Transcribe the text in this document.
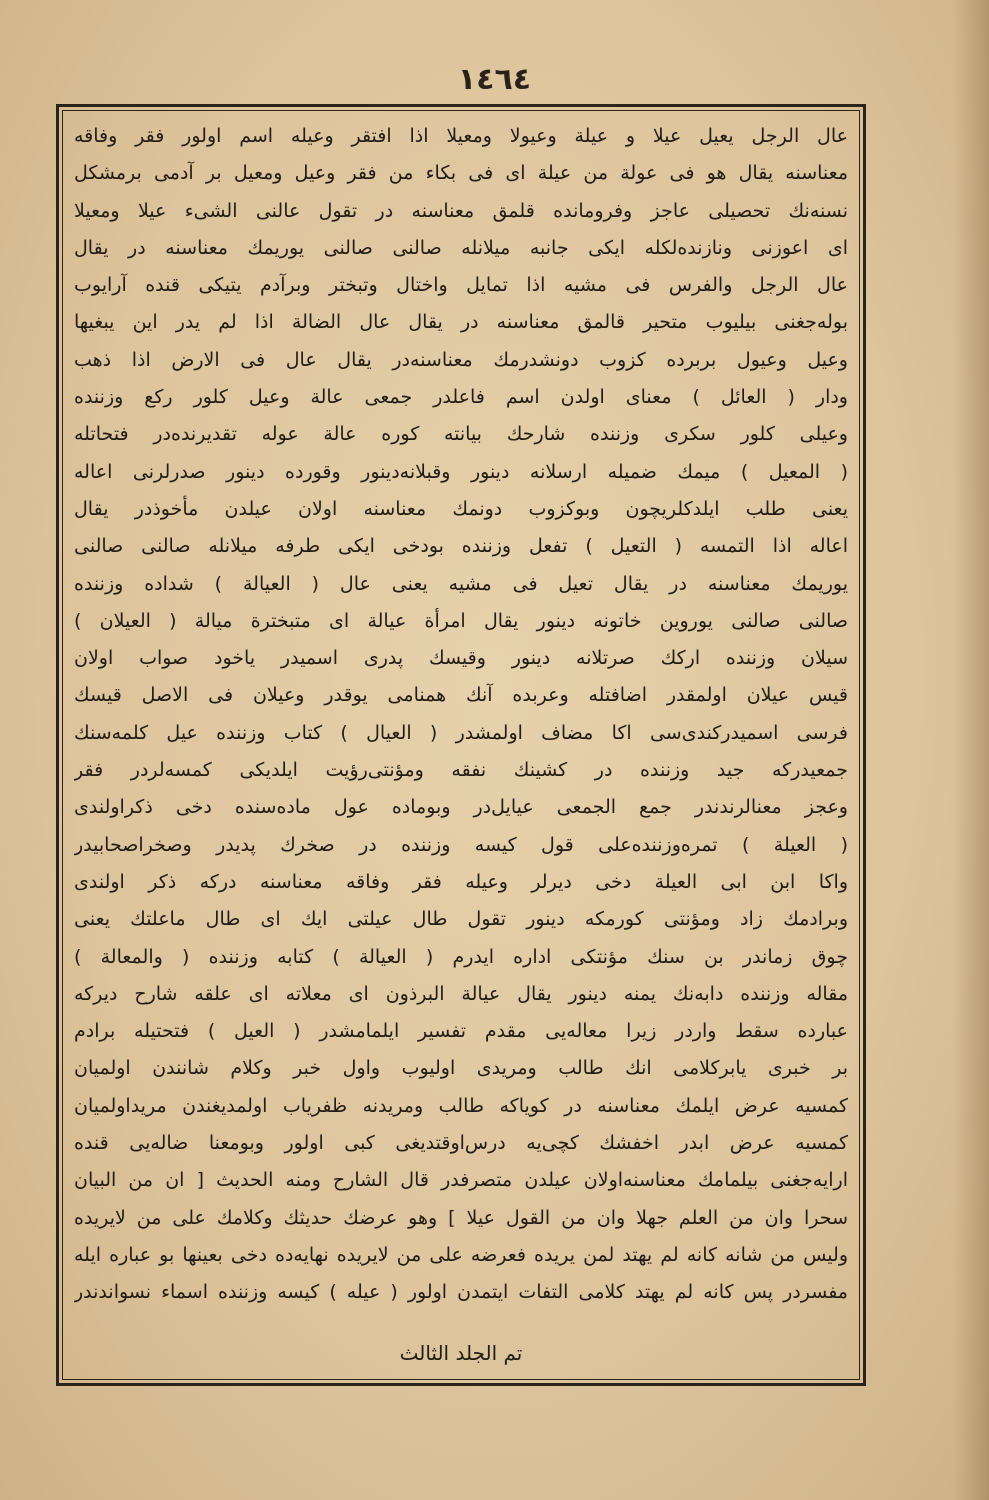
١٤٦٤
عال الرجل يعيل عيلا و عيلة وعيولا ومعيلا اذا افتقر وعيله اسم اولور فقر وفاقه
معناسنه يقال هو فى عولة من عيلة اى فى بكاء من فقر وعيل ومعيل بر آدمى برمشكل
نسنه‌نك تحصيلى عاجز وفرومانده قلمق معناسنه در تقول عالنى الشىء عيلا ومعيلا
اى اعوزنى ونازنده‌لكله ايكى جانبه ميلانله صالنى صالنى يوريمك معناسنه در يقال
عال الرجل والفرس فى مشيه اذا تمايل واختال وتبختر وبرآدم يتيكى قنده آرايوب
بوله‌جغنى بيليوب متحير قالمق معناسنه در يقال عال الضالة اذا لم يدر اين يبغيها
وعيل وعيول بربرده كزوب دونشدرمك معناسنه‌در يقال عال فى الارض اذا ذهب
ودار ( العائل ) معناى اولدن اسم فاعلدر جمعى عالة وعيل كلور ركع وزننده
وعيلى كلور سكرى وزننده شارحك بيانته كوره عالة عوله تقديرنده‌در فتحاتله
( المعيل ) ميمك ضميله ارسلانه دينور وقبلانه‌دينور وقورده دينور صدرلرنى اعاله
يعنى طلب ايلدكلريچون وبوكزوب دونمك معناسنه اولان عيلدن مأخوذدر يقال
اعاله اذا التمسه ( التعيل ) تفعل وزننده بودخى ايكى طرفه ميلانله صالنى صالنى
يوريمك معناسنه در يقال تعيل فى مشيه يعنى عال ( العيالة ) شداده وزننده
صالنى صالنى يوروين خاتونه دينور يقال امرأة عيالة اى متبخترة ميالة ( العيلان )
سيلان وزننده اركك صرتلانه دينور وقيسك پدرى اسميدر ياخود صواب اولان
قيس عيلان اولمقدر اضافتله وعربده آنك همنامى يوقدر وعيلان فى الاصل قيسك
فرسى اسميدركندى‌سى اكا مضاف اولمشدر ( العيال ) كتاب وزننده عيل كلمه‌سنك
جمعيدركه جيد وزننده در كشينك نفقه ومؤنتى‌رؤيت ايلديكى كمسه‌لردر فقر
وعجز معنالرندندر جمع الجمعى عيايل‌در وبوماده عول ماده‌سنده دخى ذكراولندى
( العيلة ) تمره‌وزننده‌على قول كيسه وزننده در صخرك پديدر وصخراصحابيدر
واكا ابن ابى العيلة دخى ديرلر وعيله فقر وفاقه معناسنه درکه ذكر اولندى
وبرادمك زاد ومؤنتى كورمكه دينور تقول طال عيلتى ايك اى طال ماعلتك يعنى
چوق زماندر بن سنك مؤنتكى اداره ايدرم ( العيالة ) كتابه وزننده ( والمعالة )
مقاله وزننده دابه‌نك يمنه دينور يقال عيالة البرذون اى معلاته اى علقه شارح ديركه
عبارده سقط واردر زيرا معاله‌يى مقدم تفسير ايلمامشدر ( العيل ) فتحتيله برادم
بر خبرى يابركلامى انك طالب ومريدى اوليوب واول خبر وكلام شانندن اولميان
كمسيه عرض ايلمك معناسنه در كوياكه طالب ومريدنه ظفرياب اولمديغندن مريداولميان
كمسيه عرض ابدر اخفشك كچى‌يه درس‌اوقتديغى كبى اولور وبومعنا ضاله‌يى قنده
ارايه‌جغنى بيلمامك معناسنه‌اولان عيلدن متصرفدر قال الشارح ومنه الحديث [ ان من البيان
سحرا وان من العلم جهلا وان من القول عيلا ] وهو عرضك حديثك وكلامك على من لايريده
وليس من شانه كانه لم يهتد لمن يريده فعرضه على من لايريده نهايه‌ده دخى بعينها بو عباره ايله
مفسردر پس كانه لم يهتد كلامى التفات ايتمدن اولور ( عيله ) كيسه وزننده اسماء نسواندندر
تم الجلد الثالث
